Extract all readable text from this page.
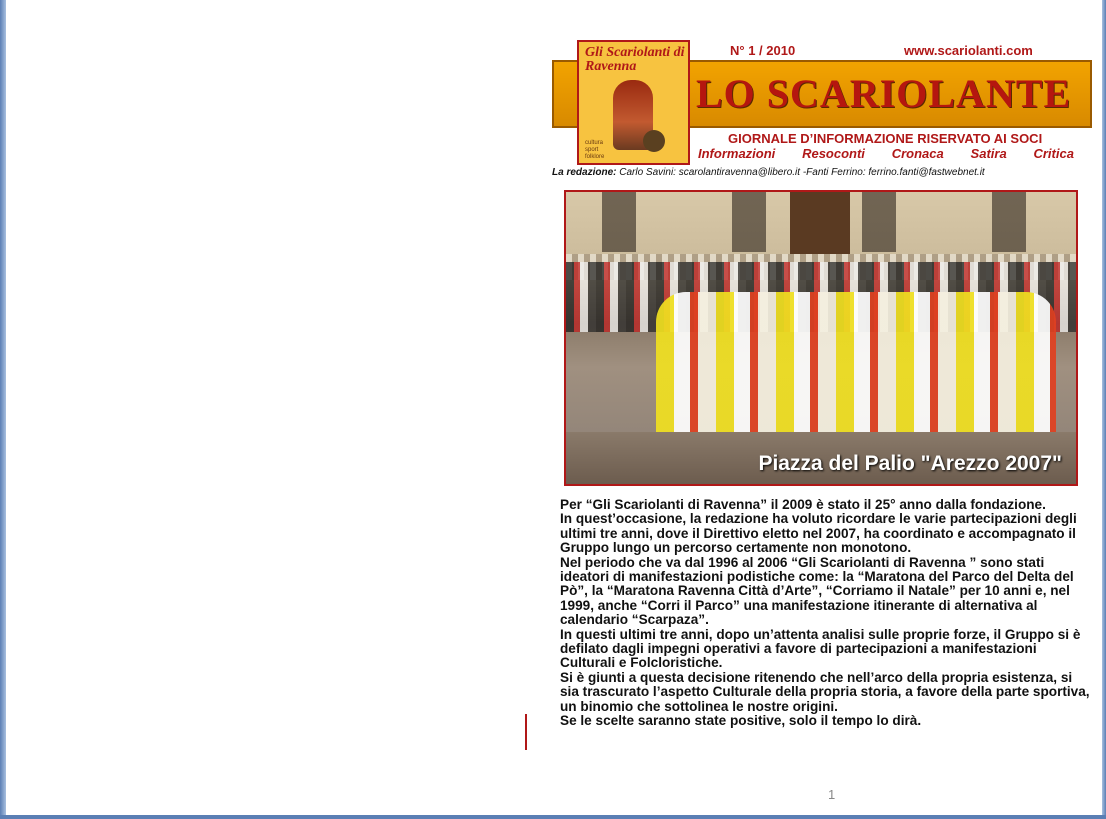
N° 1 / 2010	www.scariolanti.com
LO SCARIOLANTE
Gli Scariolanti di Ravenna
cultura sport folklore
GIORNALE D’INFORMAZIONE RISERVATO AI SOCI
Informazioni Resoconti Cronaca Satira Critica
La redazione: Carlo Savini: scarolantiravenna@libero.it -Fanti Ferrino: ferrino.fanti@fastwebnet.it
Piazza del Palio "Arezzo 2007"

Per “Gli Scariolanti di Ravenna” il 2009 è stato il 25° anno dalla fondazione.

In quest’occasione, la redazione ha voluto ricordare le varie partecipazioni degli ultimi tre anni, dove il Direttivo eletto nel 2007, ha coordinato e accompagnato il Gruppo lungo un percorso certamente non monotono.

Nel periodo che va dal 1996 al 2006 “Gli Scariolanti di Ravenna ” sono stati ideatori di manifestazioni podistiche come: la “Maratona del Parco del Delta del Pò”, la “Maratona Ravenna Città d’Arte”, “Corriamo il Natale” per 10 anni e, nel 1999, anche “Corri il Parco” una manifestazione itinerante di alternativa al calendario “Scarpaza”.

In questi ultimi tre anni, dopo un’attenta analisi sulle proprie forze, il Gruppo si è defilato dagli impegni operativi a favore di partecipazioni a manifestazioni Culturali e Folcloristiche.

Si è giunti a questa decisione ritenendo che nell’arco della propria esistenza, si sia trascurato l’aspetto Culturale della propria storia, a favore della parte sportiva, un binomio che sottolinea le nostre origini.

Se le scelte saranno state positive, solo il tempo lo dirà.

1
